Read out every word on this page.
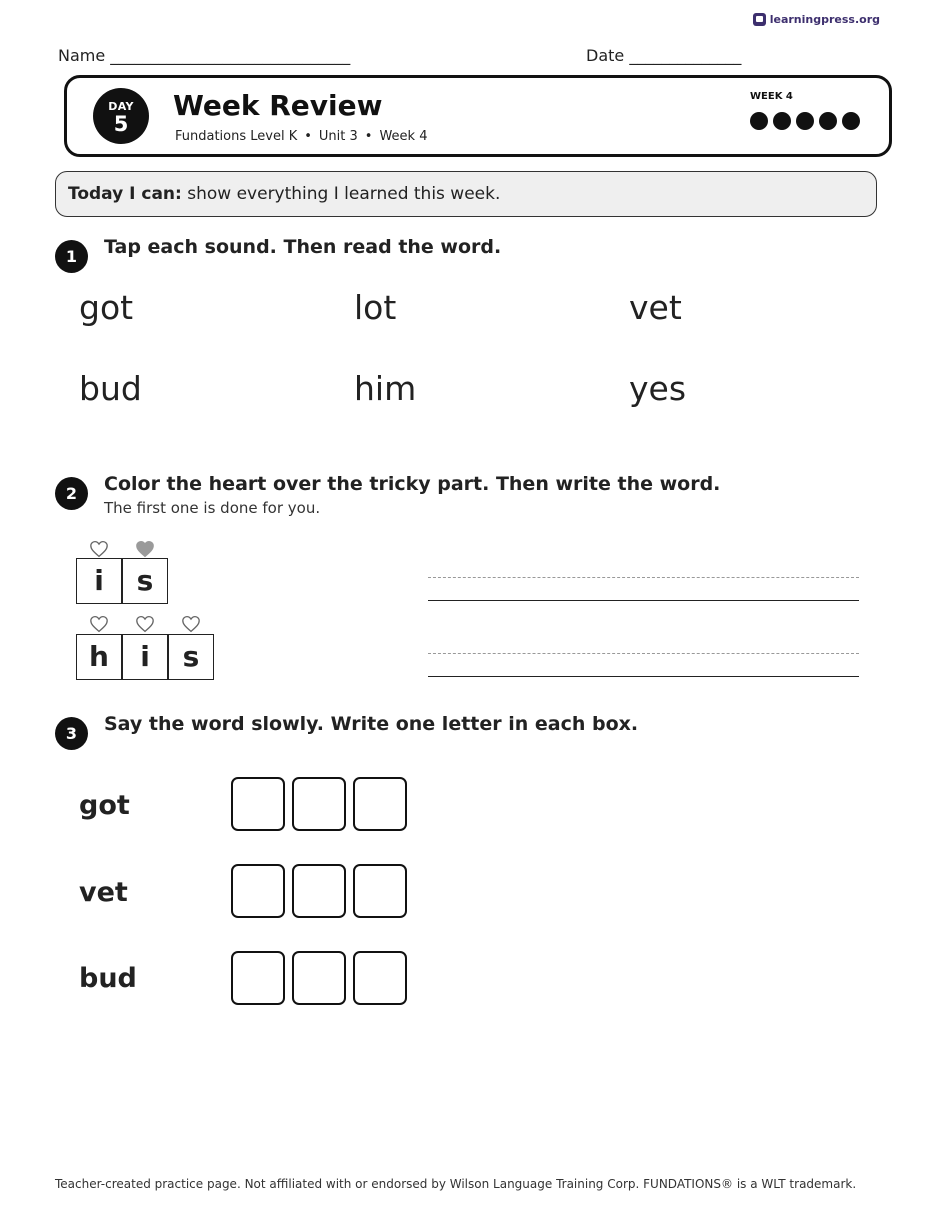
learningpress.org
Name ______________________________	Date ______________
DAY
5
Week Review
Fundations Level K • Unit 3 • Week 4
WEEK 4
Today I can: show everything I learned this week.
1	Tap each sound. Then read the word.
got	lot	vet
bud	him	yes
2	Color the heart over the tricky part. Then write the word.
The first one is done for you.
i	s
h	i	s
3	Say the word slowly. Write one letter in each box.
got
vet
bud
Teacher-created practice page. Not affiliated with or endorsed by Wilson Language Training Corp. FUNDATIONS® is a WLT trademark.
